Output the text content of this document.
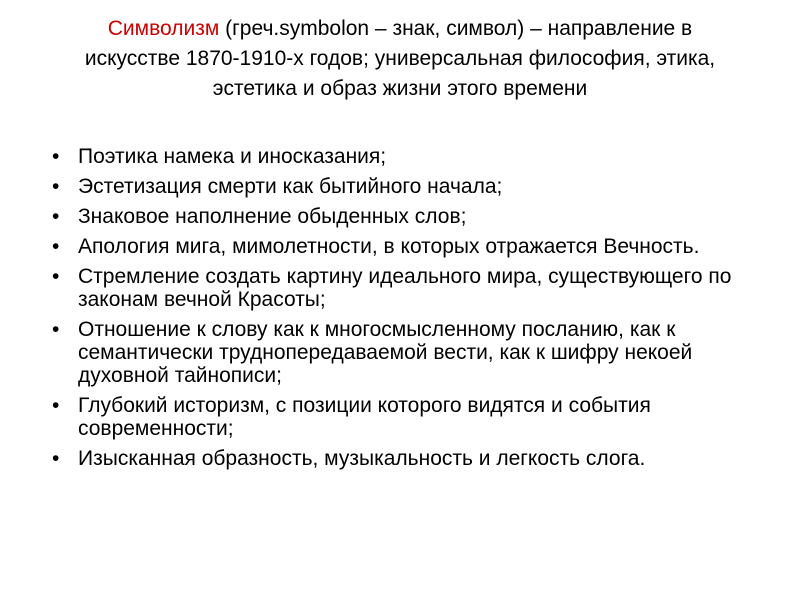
Символизм (греч.symbolon – знак, символ) – направление в искусстве 1870-1910-х годов; универсальная философия, этика, эстетика и образ жизни этого времени
• Поэтика намека и иносказания;
• Эстетизация смерти как бытийного начала;
• Знаковое наполнение обыденных слов;
• Апология мига, мимолетности, в которых отражается Вечность.
• Стремление создать картину идеального мира, существующего по законам вечной Красоты;
• Отношение к слову как к многосмысленному посланию, как к семантически труднопередаваемой вести, как к шифру некоей духовной тайнописи;
• Глубокий историзм, с позиции которого видятся и события современности;
• Изысканная образность, музыкальность и легкость слога.
